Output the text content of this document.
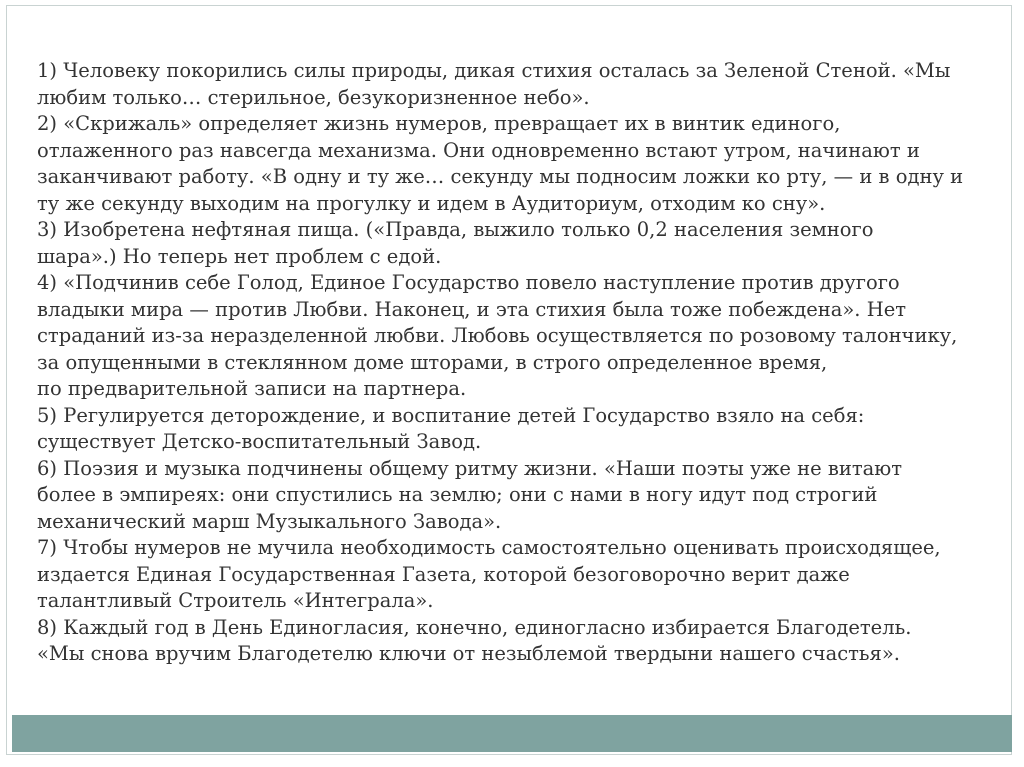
1) Человеку покорились силы природы, дикая стихия осталась за Зеленой Стеной. «Мы
любим только… стерильное, безукоризненное небо».
2) «Скрижаль» определяет жизнь нумеров, превращает их в винтик единого,
отлаженного раз навсегда механизма. Они одновременно встают утром, начинают и
заканчивают работу. «В одну и ту же… секунду мы подносим ложки ко рту, — и в одну и
ту же секунду выходим на прогулку и идем в Аудиториум, отходим ко сну».
3) Изобретена нефтяная пища. («Правда, выжило только 0,2 населения земного
шара».) Но теперь нет проблем с едой.
4) «Подчинив себе Голод, Единое Государство повело наступление против другого
владыки мира — против Любви. Наконец, и эта стихия была тоже побеждена». Нет
страданий из-за неразделенной любви. Любовь осуществляется по розовому талончику,
за опущенными в стеклянном доме шторами, в строго определенное время,
по предварительной записи на партнера.
5) Регулируется деторождение, и воспитание детей Государство взяло на себя:
существует Детско-воспитательный Завод.
6) Поэзия и музыка подчинены общему ритму жизни. «Наши поэты уже не витают
более в эмпиреях: они спустились на землю; они с нами в ногу идут под строгий
механический марш Музыкального Завода».
7) Чтобы нумеров не мучила необходимость самостоятельно оценивать происходящее,
издается Единая Государственная Газета, которой безоговорочно верит даже
талантливый Строитель «Интеграла».
8) Каждый год в День Единогласия, конечно, единогласно избирается Благодетель.
«Мы снова вручим Благодетелю ключи от незыблемой твердыни нашего счастья».
